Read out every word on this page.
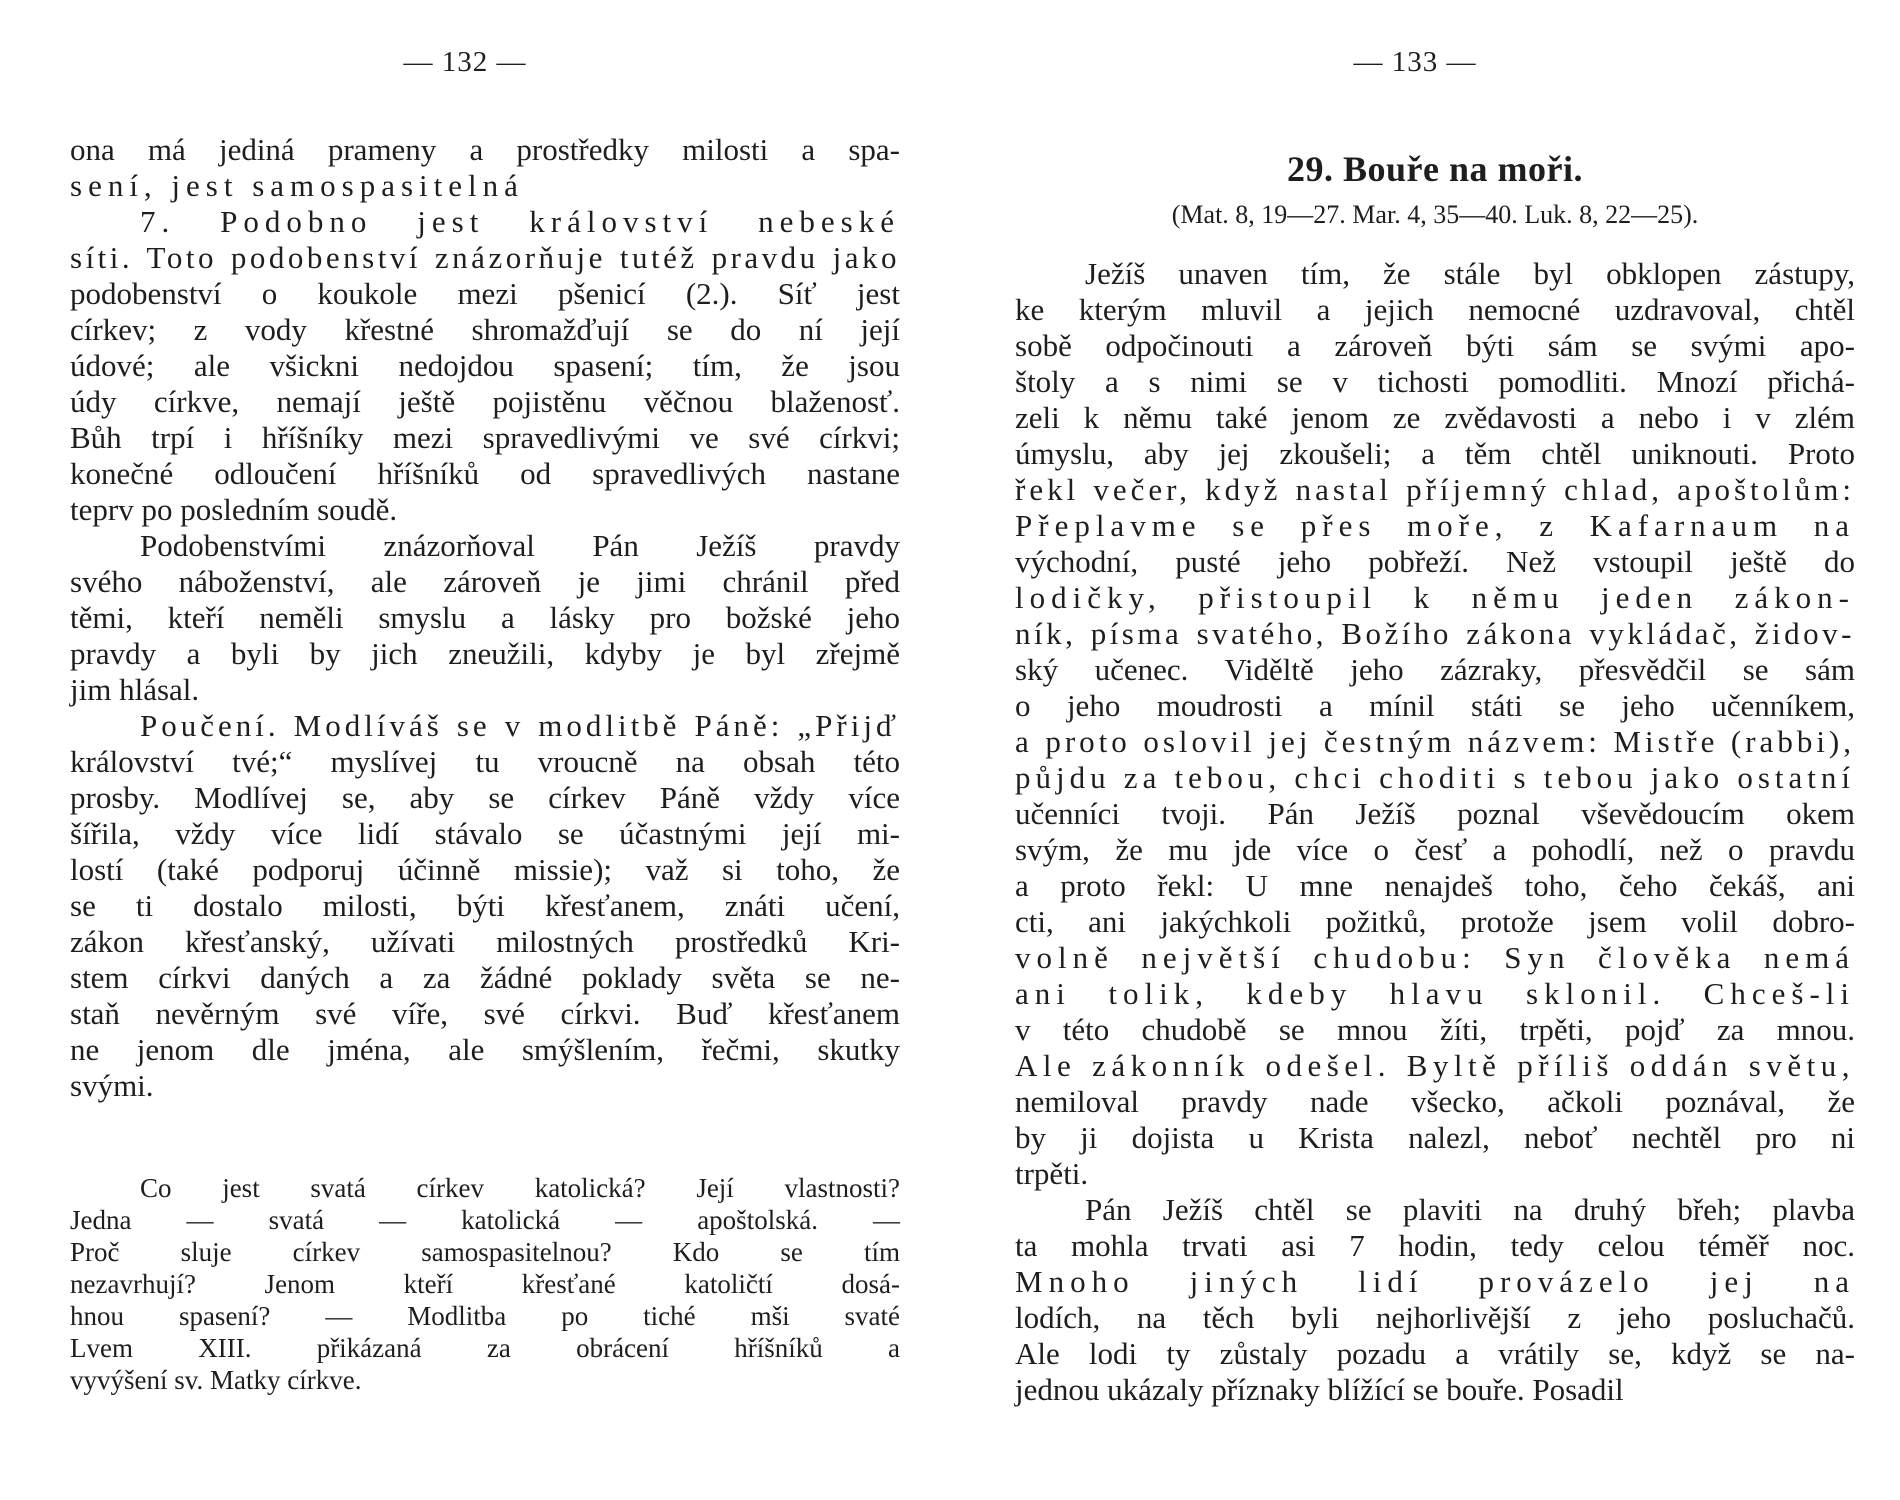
— 132 —
ona má jediná prameny a prostředky milosti a spa-
sení, jest samospasitelná
7. Podobno jest království nebeské
síti. Toto podobenství znázorňuje tutéž pravdu jako
podobenství o koukole mezi pšenicí (2.). Síť jest
církev; z vody křestné shromažďují se do ní její
údové; ale všickni nedojdou spasení; tím, že jsou
údy církve, nemají ještě pojistěnu věčnou blaženosť.
Bůh trpí i hříšníky mezi spravedlivými ve své církvi;
konečné odloučení hříšníků od spravedlivých nastane
teprv po posledním soudě.
Podobenstvími znázorňoval Pán Ježíš pravdy
svého náboženství, ale zároveň je jimi chránil před
těmi, kteří neměli smyslu a lásky pro božské jeho
pravdy a byli by jich zneužili, kdyby je byl zřejmě
jim hlásal.
Poučení. Modlíváš se v modlitbě Páně: „Přijď
království tvé;“ myslívej tu vroucně na obsah této
prosby. Modlívej se, aby se církev Páně vždy více
šířila, vždy více lidí stávalo se účastnými její mi-
lostí (také podporuj účinně missie); važ si toho, že
se ti dostalo milosti, býti křesťanem, znáti učení,
zákon křesťanský, užívati milostných prostředků Kri-
stem církvi daných a za žádné poklady světa se ne-
staň nevěrným své víře, své církvi. Buď křesťanem
ne jenom dle jména, ale smýšlením, řečmi, skutky
svými.
Co jest svatá církev katolická? Její vlastnosti?
Jedna — svatá — katolická — apoštolská. —
Proč sluje církev samospasitelnou? Kdo se tím
nezavrhují? Jenom kteří křesťané katoličtí dosá-
hnou spasení? — Modlitba po tiché mši svaté
Lvem XIII. přikázaná za obrácení hříšníků a
vyvýšení sv. Matky církve.
— 133 —
29. Bouře na moři.
(Mat. 8, 19—27. Mar. 4, 35—40. Luk. 8, 22—25).
Ježíš unaven tím, že stále byl obklopen zástupy,
ke kterým mluvil a jejich nemocné uzdravoval, chtěl
sobě odpočinouti a zároveň býti sám se svými apo-
štoly a s nimi se v tichosti pomodliti. Mnozí přichá-
zeli k němu také jenom ze zvědavosti a nebo i v zlém
úmyslu, aby jej zkoušeli; a těm chtěl uniknouti. Proto
řekl večer, když nastal příjemný chlad, apoštolům:
Přeplavme se přes moře, z Kafarnaum na
východní, pusté jeho pobřeží. Než vstoupil ještě do
lodičky, přistoupil k němu jeden zákon-
ník, písma svatého, Božího zákona vykládač, židov-
ský učenec. Viděltě jeho zázraky, přesvědčil se sám
o jeho moudrosti a mínil státi se jeho učenníkem,
a proto oslovil jej čestným názvem: Mistře (rabbi),
půjdu za tebou, chci choditi s tebou jako ostatní
učenníci tvoji. Pán Ježíš poznal vševědoucím okem
svým, že mu jde více o česť a pohodlí, než o pravdu
a proto řekl: U mne nenajdeš toho, čeho čekáš, ani
cti, ani jakýchkoli požitků, protože jsem volil dobro-
volně největší chudobu: Syn člověka nemá
ani tolik, kdeby hlavu sklonil. Chceš-li
v této chudobě se mnou žíti, trpěti, pojď za mnou.
Ale zákonník odešel. Byltě příliš oddán světu,
nemiloval pravdy nade všecko, ačkoli poznával, že
by ji dojista u Krista nalezl, neboť nechtěl pro ni
trpěti.
Pán Ježíš chtěl se plaviti na druhý břeh; plavba
ta mohla trvati asi 7 hodin, tedy celou téměř noc.
Mnoho jiných lidí provázelo jej na
lodích, na těch byli nejhorlivější z jeho posluchačů.
Ale lodi ty zůstaly pozadu a vrátily se, když se na-
jednou ukázaly příznaky blížící se bouře. Posadil
